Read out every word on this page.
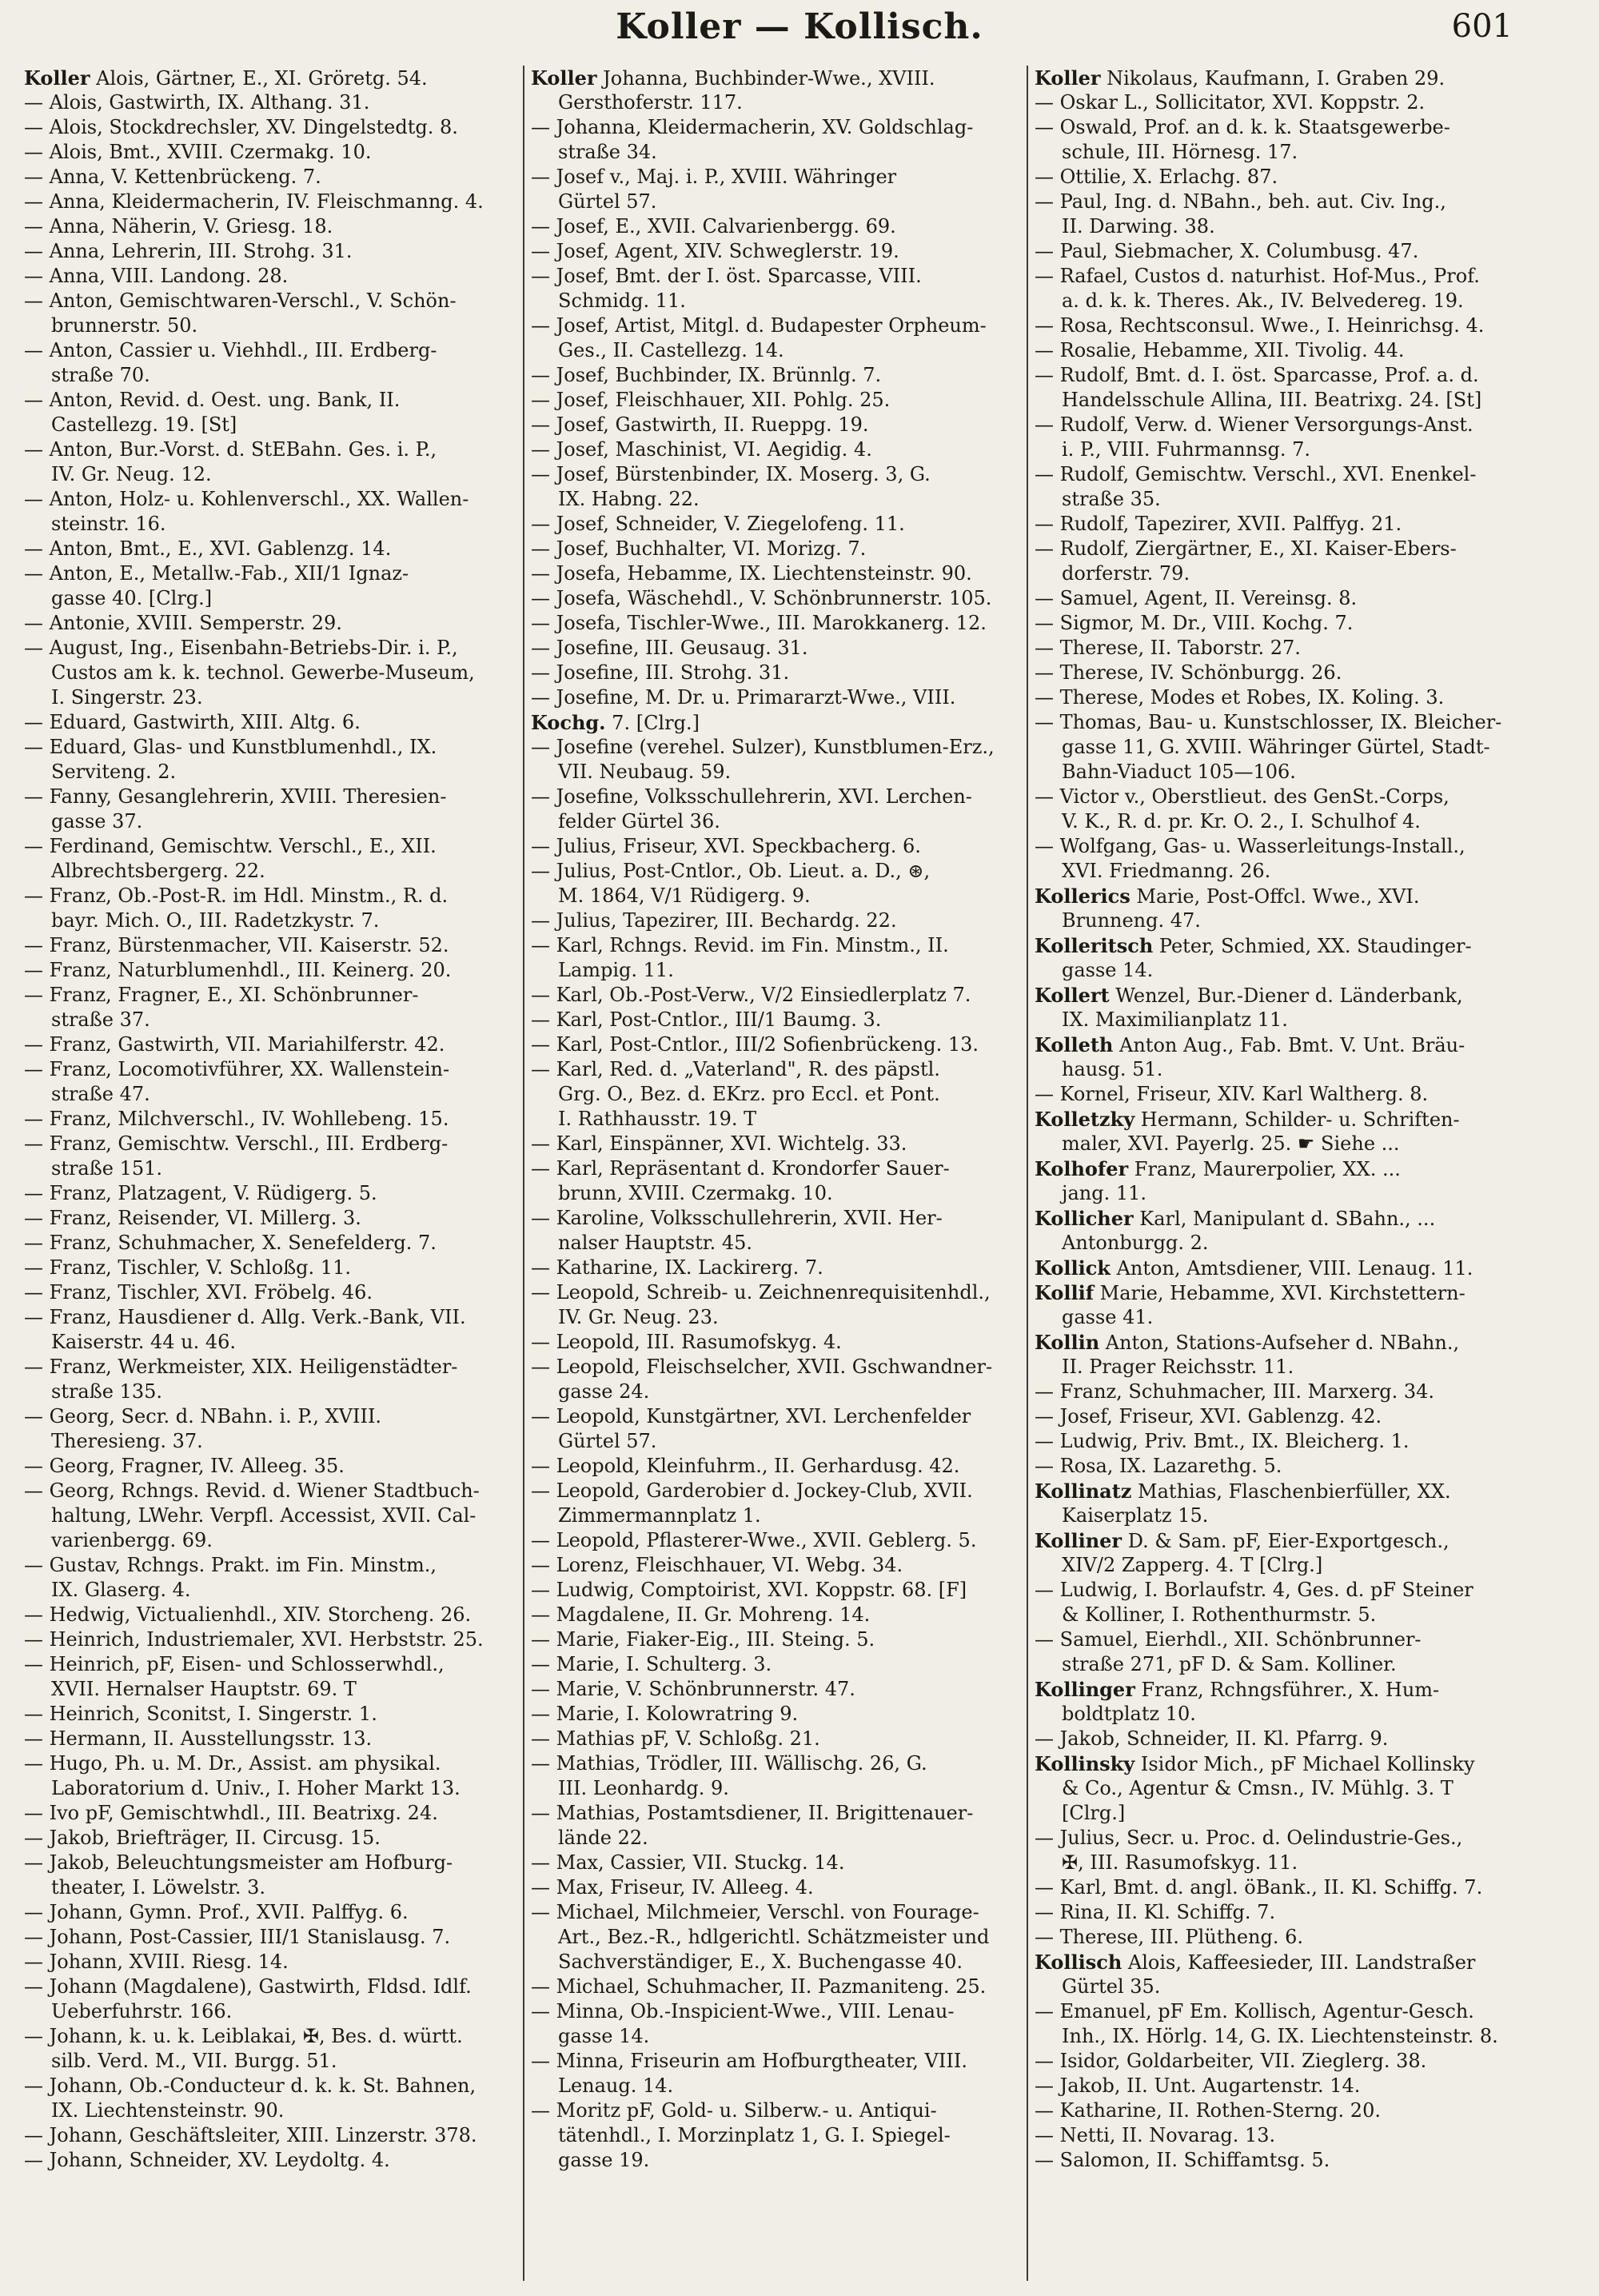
Koller — Kollisch.	601
Koller Alois, Gärtner, E., XI. Gröretg. 54.
— Alois, Gastwirth, IX. Althang. 31.
— Alois, Stockdrechsler, XV. Dingelstedtg. 8.
— Alois, Bmt., XVIII. Czermakg. 10.
— Anna, V. Kettenbrückeng. 7.
— Anna, Kleidermacherin, IV. Fleischmanng. 4.
— Anna, Näherin, V. Griesg. 18.
— Anna, Lehrerin, III. Strohg. 31.
— Anna, VIII. Landong. 28.
— Anton, Gemischtwaren-Verschl., V. Schön-
brunnerstr. 50.
— Anton, Cassier u. Viehhdl., III. Erdberg-
straße 70.
— Anton, Revid. d. Oest. ung. Bank, II.
Castellezg. 19. [St]
— Anton, Bur.-Vorst. d. StEBahn. Ges. i. P.,
IV. Gr. Neug. 12.
— Anton, Holz- u. Kohlenverschl., XX. Wallen-
steinstr. 16.
— Anton, Bmt., E., XVI. Gablenzg. 14.
— Anton, E., Metallw.-Fab., XII/1 Ignaz-
gasse 40. [Clrg.]
— Antonie, XVIII. Semperstr. 29.
— August, Ing., Eisenbahn-Betriebs-Dir. i. P.,
Custos am k. k. technol. Gewerbe-Museum,
I. Singerstr. 23.
— Eduard, Gastwirth, XIII. Altg. 6.
— Eduard, Glas- und Kunstblumenhdl., IX.
Serviteng. 2.
— Fanny, Gesanglehrerin, XVIII. Theresien-
gasse 37.
— Ferdinand, Gemischtw. Verschl., E., XII.
Albrechtsbergerg. 22.
— Franz, Ob.-Post-R. im Hdl. Minstm., R. d.
bayr. Mich. O., III. Radetzkystr. 7.
— Franz, Bürstenmacher, VII. Kaiserstr. 52.
— Franz, Naturblumenhdl., III. Keinerg. 20.
— Franz, Fragner, E., XI. Schönbrunner-
straße 37.
— Franz, Gastwirth, VII. Mariahilferstr. 42.
— Franz, Locomotivführer, XX. Wallenstein-
straße 47.
— Franz, Milchverschl., IV. Wohllebeng. 15.
— Franz, Gemischtw. Verschl., III. Erdberg-
straße 151.
— Franz, Platzagent, V. Rüdigerg. 5.
— Franz, Reisender, VI. Millerg. 3.
— Franz, Schuhmacher, X. Senefelderg. 7.
— Franz, Tischler, V. Schloßg. 11.
— Franz, Tischler, XVI. Fröbelg. 46.
— Franz, Hausdiener d. Allg. Verk.-Bank, VII.
Kaiserstr. 44 u. 46.
— Franz, Werkmeister, XIX. Heiligenstädter-
straße 135.
— Georg, Secr. d. NBahn. i. P., XVIII.
Theresieng. 37.
— Georg, Fragner, IV. Alleeg. 35.
— Georg, Rchngs. Revid. d. Wiener Stadtbuch-
haltung, LWehr. Verpfl. Accessist, XVII. Cal-
varienbergg. 69.
— Gustav, Rchngs. Prakt. im Fin. Minstm.,
IX. Glaserg. 4.
— Hedwig, Victualienhdl., XIV. Storcheng. 26.
— Heinrich, Industriemaler, XVI. Herbststr. 25.
— Heinrich, pF, Eisen- und Schlosserwhdl.,
XVII. Hernalser Hauptstr. 69. T
— Heinrich, Sconitst, I. Singerstr. 1.
— Hermann, II. Ausstellungsstr. 13.
— Hugo, Ph. u. M. Dr., Assist. am physikal.
Laboratorium d. Univ., I. Hoher Markt 13.
— Ivo pF, Gemischtwhdl., III. Beatrixg. 24.
— Jakob, Briefträger, II. Circusg. 15.
— Jakob, Beleuchtungsmeister am Hofburg-
theater, I. Löwelstr. 3.
— Johann, Gymn. Prof., XVII. Palffyg. 6.
— Johann, Post-Cassier, III/1 Stanislausg. 7.
— Johann, XVIII. Riesg. 14.
— Johann (Magdalene), Gastwirth, Fldsd. Idlf.
Ueberfuhrstr. 166.
— Johann, k. u. k. Leiblakai, ✠, Bes. d. württ.
silb. Verd. M., VII. Burgg. 51.
— Johann, Ob.-Conducteur d. k. k. St. Bahnen,
IX. Liechtensteinstr. 90.
— Johann, Geschäftsleiter, XIII. Linzerstr. 378.
— Johann, Schneider, XV. Leydoltg. 4.
Koller Johanna, Buchbinder-Wwe., XVIII.
Gersthoferstr. 117.
— Johanna, Kleidermacherin, XV. Goldschlag-
straße 34.
— Josef v., Maj. i. P., XVIII. Währinger
Gürtel 57.
— Josef, E., XVII. Calvarienbergg. 69.
— Josef, Agent, XIV. Schweglerstr. 19.
— Josef, Bmt. der I. öst. Sparcasse, VIII.
Schmidg. 11.
— Josef, Artist, Mitgl. d. Budapester Orpheum-
Ges., II. Castellezg. 14.
— Josef, Buchbinder, IX. Brünnlg. 7.
— Josef, Fleischhauer, XII. Pohlg. 25.
— Josef, Gastwirth, II. Rueppg. 19.
— Josef, Maschinist, VI. Aegidig. 4.
— Josef, Bürstenbinder, IX. Moserg. 3, G.
IX. Habng. 22.
— Josef, Schneider, V. Ziegelofeng. 11.
— Josef, Buchhalter, VI. Morizg. 7.
— Josefa, Hebamme, IX. Liechtensteinstr. 90.
— Josefa, Wäschehdl., V. Schönbrunnerstr. 105.
— Josefa, Tischler-Wwe., III. Marokkanerg. 12.
— Josefine, III. Geusaug. 31.
— Josefine, III. Strohg. 31.
— Josefine, M. Dr. u. Primararzt-Wwe., VIII.
Kochg. 7. [Clrg.]
— Josefine (verehel. Sulzer), Kunstblumen-Erz.,
VII. Neubaug. 59.
— Josefine, Volksschullehrerin, XVI. Lerchen-
felder Gürtel 36.
— Julius, Friseur, XVI. Speckbacherg. 6.
— Julius, Post-Cntlor., Ob. Lieut. a. D., ⊛,
M. 1864, V/1 Rüdigerg. 9.
— Julius, Tapezirer, III. Bechardg. 22.
— Karl, Rchngs. Revid. im Fin. Minstm., II.
Lampig. 11.
— Karl, Ob.-Post-Verw., V/2 Einsiedlerplatz 7.
— Karl, Post-Cntlor., III/1 Baumg. 3.
— Karl, Post-Cntlor., III/2 Sofienbrückeng. 13.
— Karl, Red. d. „Vaterland", R. des päpstl.
Grg. O., Bez. d. EKrz. pro Eccl. et Pont.
I. Rathhausstr. 19. T
— Karl, Einspänner, XVI. Wichtelg. 33.
— Karl, Repräsentant d. Krondorfer Sauer-
brunn, XVIII. Czermakg. 10.
— Karoline, Volksschullehrerin, XVII. Her-
nalser Hauptstr. 45.
— Katharine, IX. Lackirerg. 7.
— Leopold, Schreib- u. Zeichnenrequisitenhdl.,
IV. Gr. Neug. 23.
— Leopold, III. Rasumofskyg. 4.
— Leopold, Fleischselcher, XVII. Gschwandner-
gasse 24.
— Leopold, Kunstgärtner, XVI. Lerchenfelder
Gürtel 57.
— Leopold, Kleinfuhrm., II. Gerhardusg. 42.
— Leopold, Garderobier d. Jockey-Club, XVII.
Zimmermannplatz 1.
— Leopold, Pflasterer-Wwe., XVII. Geblerg. 5.
— Lorenz, Fleischhauer, VI. Webg. 34.
— Ludwig, Comptoirist, XVI. Koppstr. 68. [F]
— Magdalene, II. Gr. Mohreng. 14.
— Marie, Fiaker-Eig., III. Steing. 5.
— Marie, I. Schulterg. 3.
— Marie, V. Schönbrunnerstr. 47.
— Marie, I. Kolowratring 9.
— Mathias pF, V. Schloßg. 21.
— Mathias, Trödler, III. Wällischg. 26, G.
III. Leonhardg. 9.
— Mathias, Postamtsdiener, II. Brigittenauer-
lände 22.
— Max, Cassier, VII. Stuckg. 14.
— Max, Friseur, IV. Alleeg. 4.
— Michael, Milchmeier, Verschl. von Fourage-
Art., Bez.-R., hdlgerichtl. Schätzmeister und
Sachverständiger, E., X. Buchengasse 40.
— Michael, Schuhmacher, II. Pazmaniteng. 25.
— Minna, Ob.-Inspicient-Wwe., VIII. Lenau-
gasse 14.
— Minna, Friseurin am Hofburgtheater, VIII.
Lenaug. 14.
— Moritz pF, Gold- u. Silberw.- u. Antiqui-
tätenhdl., I. Morzinplatz 1, G. I. Spiegel-
gasse 19.
Koller Nikolaus, Kaufmann, I. Graben 29.
— Oskar L., Sollicitator, XVI. Koppstr. 2.
— Oswald, Prof. an d. k. k. Staatsgewerbe-
schule, III. Hörnesg. 17.
— Ottilie, X. Erlachg. 87.
— Paul, Ing. d. NBahn., beh. aut. Civ. Ing.,
II. Darwing. 38.
— Paul, Siebmacher, X. Columbusg. 47.
— Rafael, Custos d. naturhist. Hof-Mus., Prof.
a. d. k. k. Theres. Ak., IV. Belvedereg. 19.
— Rosa, Rechtsconsul. Wwe., I. Heinrichsg. 4.
— Rosalie, Hebamme, XII. Tivolig. 44.
— Rudolf, Bmt. d. I. öst. Sparcasse, Prof. a. d.
Handelsschule Allina, III. Beatrixg. 24. [St]
— Rudolf, Verw. d. Wiener Versorgungs-Anst.
i. P., VIII. Fuhrmannsg. 7.
— Rudolf, Gemischtw. Verschl., XVI. Enenkel-
straße 35.
— Rudolf, Tapezirer, XVII. Palffyg. 21.
— Rudolf, Ziergärtner, E., XI. Kaiser-Ebers-
dorferstr. 79.
— Samuel, Agent, II. Vereinsg. 8.
— Sigmor, M. Dr., VIII. Kochg. 7.
— Therese, II. Taborstr. 27.
— Therese, IV. Schönburgg. 26.
— Therese, Modes et Robes, IX. Koling. 3.
— Thomas, Bau- u. Kunstschlosser, IX. Bleicher-
gasse 11, G. XVIII. Währinger Gürtel, Stadt-
Bahn-Viaduct 105—106.
— Victor v., Oberstlieut. des GenSt.-Corps,
V. K., R. d. pr. Kr. O. 2., I. Schulhof 4.
— Wolfgang, Gas- u. Wasserleitungs-Install.,
XVI. Friedmanng. 26.
Kollerics Marie, Post-Offcl. Wwe., XVI.
Brunneng. 47.
Kolleritsch Peter, Schmied, XX. Staudinger-
gasse 14.
Kollert Wenzel, Bur.-Diener d. Länderbank,
IX. Maximilianplatz 11.
Kolleth Anton Aug., Fab. Bmt. V. Unt. Bräu-
hausg. 51.
— Kornel, Friseur, XIV. Karl Waltherg. 8.
Kolletzky Hermann, Schilder- u. Schriften-
maler, XVI. Payerlg. 25. ☛ Siehe ...
Kolhofer Franz, Maurerpolier, XX. ...
jang. 11.
Kollicher Karl, Manipulant d. SBahn., ...
Antonburgg. 2.
Kollick Anton, Amtsdiener, VIII. Lenaug. 11.
Kollif Marie, Hebamme, XVI. Kirchstettern-
gasse 41.
Kollin Anton, Stations-Aufseher d. NBahn.,
II. Prager Reichsstr. 11.
— Franz, Schuhmacher, III. Marxerg. 34.
— Josef, Friseur, XVI. Gablenzg. 42.
— Ludwig, Priv. Bmt., IX. Bleicherg. 1.
— Rosa, IX. Lazarethg. 5.
Kollinatz Mathias, Flaschenbierfüller, XX.
Kaiserplatz 15.
Kolliner D. & Sam. pF, Eier-Exportgesch.,
XIV/2 Zapperg. 4. T [Clrg.]
— Ludwig, I. Borlaufstr. 4, Ges. d. pF Steiner
& Kolliner, I. Rothenthurmstr. 5.
— Samuel, Eierhdl., XII. Schönbrunner-
straße 271, pF D. & Sam. Kolliner.
Kollinger Franz, Rchngsführer., X. Hum-
boldtplatz 10.
— Jakob, Schneider, II. Kl. Pfarrg. 9.
Kollinsky Isidor Mich., pF Michael Kollinsky
& Co., Agentur & Cmsn., IV. Mühlg. 3. T
[Clrg.]
— Julius, Secr. u. Proc. d. Oelindustrie-Ges.,
✠, III. Rasumofskyg. 11.
— Karl, Bmt. d. angl. öBank., II. Kl. Schiffg. 7.
— Rina, II. Kl. Schiffg. 7.
— Therese, III. Plütheng. 6.
Kollisch Alois, Kaffeesieder, III. Landstraßer
Gürtel 35.
— Emanuel, pF Em. Kollisch, Agentur-Gesch.
Inh., IX. Hörlg. 14, G. IX. Liechtensteinstr. 8.
— Isidor, Goldarbeiter, VII. Zieglerg. 38.
— Jakob, II. Unt. Augartenstr. 14.
— Katharine, II. Rothen-Sterng. 20.
— Netti, II. Novarag. 13.
— Salomon, II. Schiffamtsg. 5.
